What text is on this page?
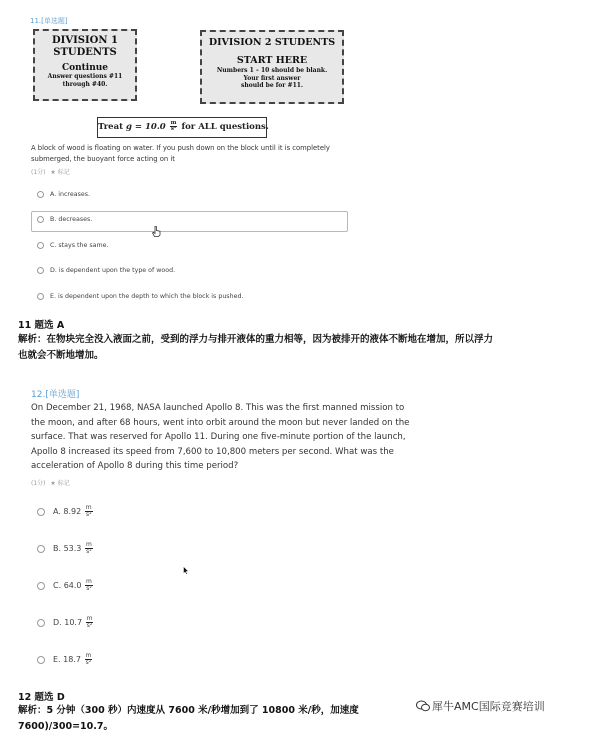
11.[单选题]
DIVISION 1
STUDENTS
Continue
Answer questions #11
through #40.
DIVISION 2 STUDENTS
START HERE
Numbers 1 – 10 should be blank.
Your first answer
should be for #11.
Treat $g = 10.0 \frac{m}{\text{s²}}$ for ALL questions.
A block of wood is floating on water. If you push down on the block until it is completely submerged, the buoyant force acting on it
(1分) ★ 标记
A. increases.
B. decreases.
C. stays the same.
D. is dependent upon the type of wood.
E. is dependent upon the depth to which the block is pushed.
11 题选 A
解析：在物块完全没入液面之前，受到的浮力与排开液体的重力相等，因为被排开的液体不断地在增加，所以浮力也就会不断地增加。
12.[单选题]
On December 21, 1968, NASA launched Apollo 8. This was the first manned mission to the moon, and after 68 hours, went into orbit around the moon but never landed on the surface. That was reserved for Apollo 11. During one five-minute portion of the launch, Apollo 8 increased its speed from 7,600 to 10,800 meters per second. What was the acceleration of Apollo 8 during this time period?
(1分) ★ 标记
A. $8.92 \frac{m}{\text{s²}}$
B. $53.3 \frac{m}{\text{s²}}$
C. $64.0 \frac{m}{\text{s²}}$
D. $10.7 \frac{m}{\text{s²}}$
E. $18.7 \frac{m}{\text{s²}}$
12 题选 D
解析：5 分钟（300 秒）内速度从 7600 米/秒增加到了 10800 米/秒，加速度
7600)/300=10.7。
犀牛AMC国际竞赛培训
